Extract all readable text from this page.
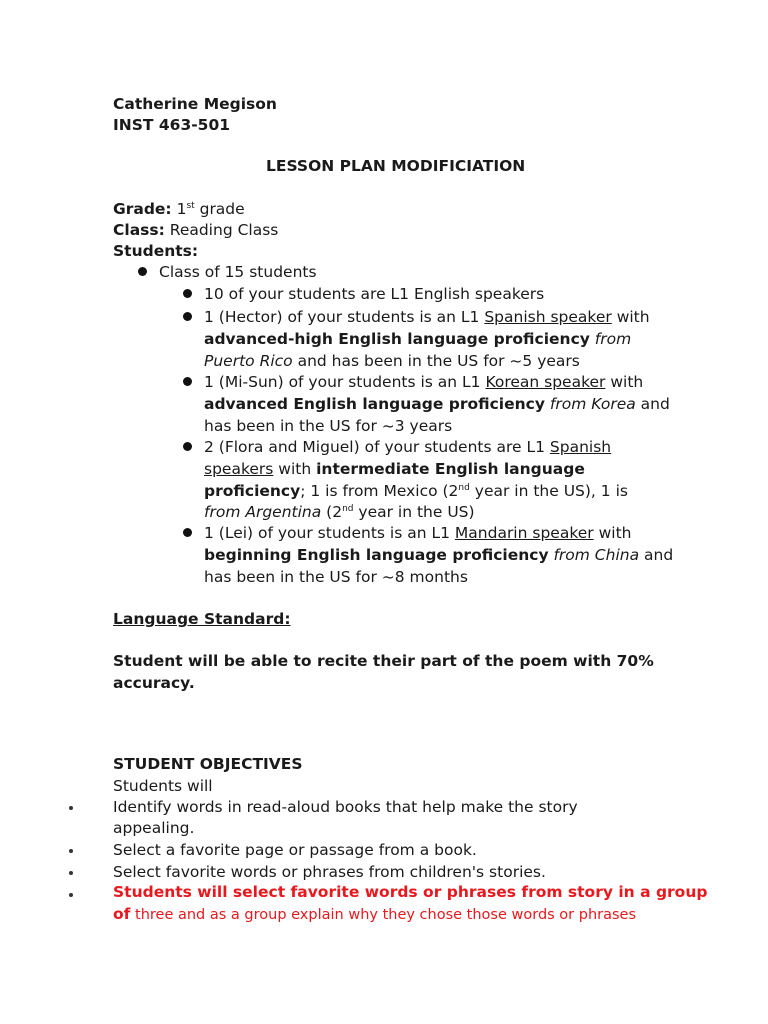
Catherine Megison
INST 463-501
LESSON PLAN MODIFICIATION
Grade: 1st grade
Class: Reading Class
Students:
Class of 15 students
10 of your students are L1 English speakers
1 (Hector) of your students is an L1 Spanish speaker with
advanced-high English language proficiency from
Puerto Rico and has been in the US for ~5 years
1 (Mi-Sun) of your students is an L1 Korean speaker with
advanced English language proficiency from Korea and
has been in the US for ~3 years
2 (Flora and Miguel) of your students are L1 Spanish
speakers with intermediate English language
proficiency; 1 is from Mexico (2nd year in the US), 1 is
from Argentina (2nd year in the US)
1 (Lei) of your students is an L1 Mandarin speaker with
beginning English language proficiency from China and
has been in the US for ~8 months
Language Standard:
Student will be able to recite their part of the poem with 70%
accuracy.
STUDENT OBJECTIVES
Students will
Identify words in read-aloud books that help make the story
appealing.
Select a favorite page or passage from a book.
Select favorite words or phrases from children's stories.
Students will select favorite words or phrases from story in a group
of three and as a group explain why they chose those words or phrases
